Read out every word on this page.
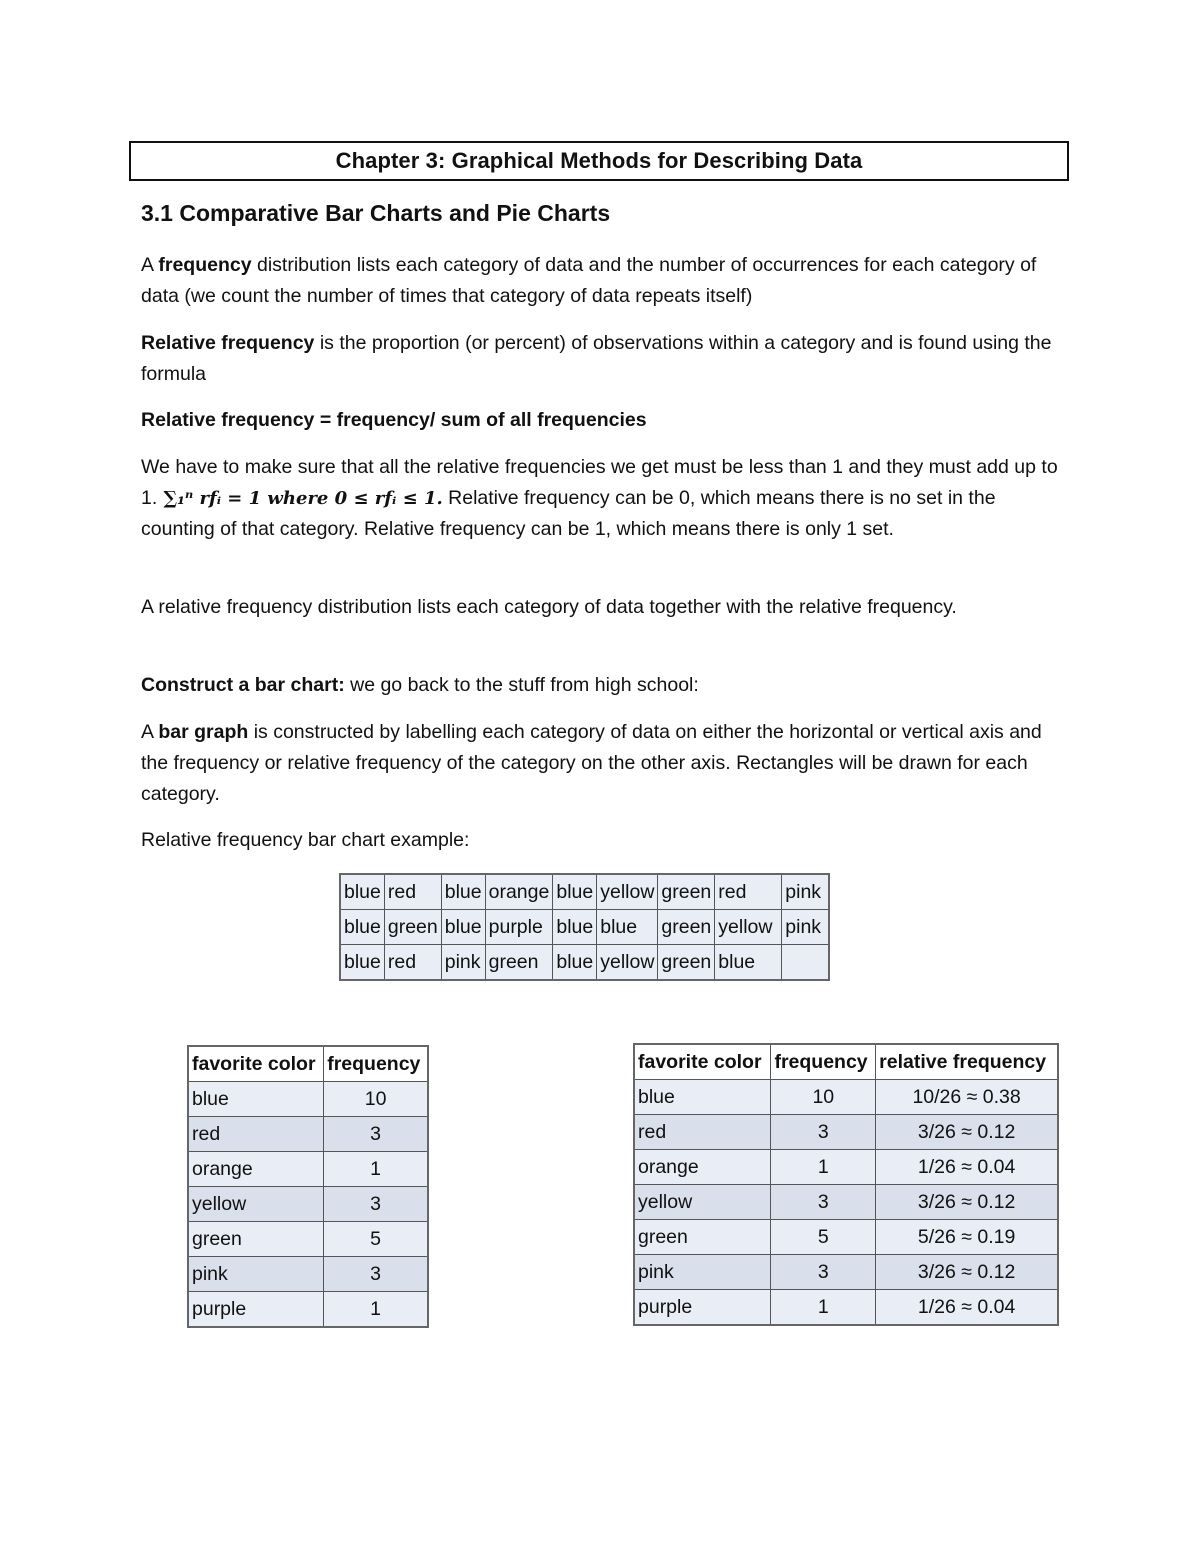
Chapter 3: Graphical Methods for Describing Data
3.1 Comparative Bar Charts and Pie Charts
A frequency distribution lists each category of data and the number of occurrences for each category of data (we count the number of times that category of data repeats itself)
Relative frequency is the proportion (or percent) of observations within a category and is found using the formula
Relative frequency = frequency/ sum of all frequencies
We have to make sure that all the relative frequencies we get must be less than 1 and they must add up to 1. ∑₁ⁿ rfᵢ = 1 where 0 ≤ rfᵢ ≤ 1. Relative frequency can be 0, which means there is no set in the counting of that category. Relative frequency can be 1, which means there is only 1 set.
A relative frequency distribution lists each category of data together with the relative frequency.
Construct a bar chart: we go back to the stuff from high school:
A bar graph is constructed by labelling each category of data on either the horizontal or vertical axis and the frequency or relative frequency of the category on the other axis. Rectangles will be drawn for each category.
Relative frequency bar chart example:
blue	red	blue	orange	blue	yellow	green	red	pink
blue	green	blue	purple	blue	blue	green	yellow	pink
blue	red	pink	green	blue	yellow	green	blue	
favorite color	frequency
blue	10
red	3
orange	1
yellow	3
green	5
pink	3
purple	1
favorite color	frequency	relative frequency
blue	10	10/26 ≈ 0.38
red	3	3/26 ≈ 0.12
orange	1	1/26 ≈ 0.04
yellow	3	3/26 ≈ 0.12
green	5	5/26 ≈ 0.19
pink	3	3/26 ≈ 0.12
purple	1	1/26 ≈ 0.04
